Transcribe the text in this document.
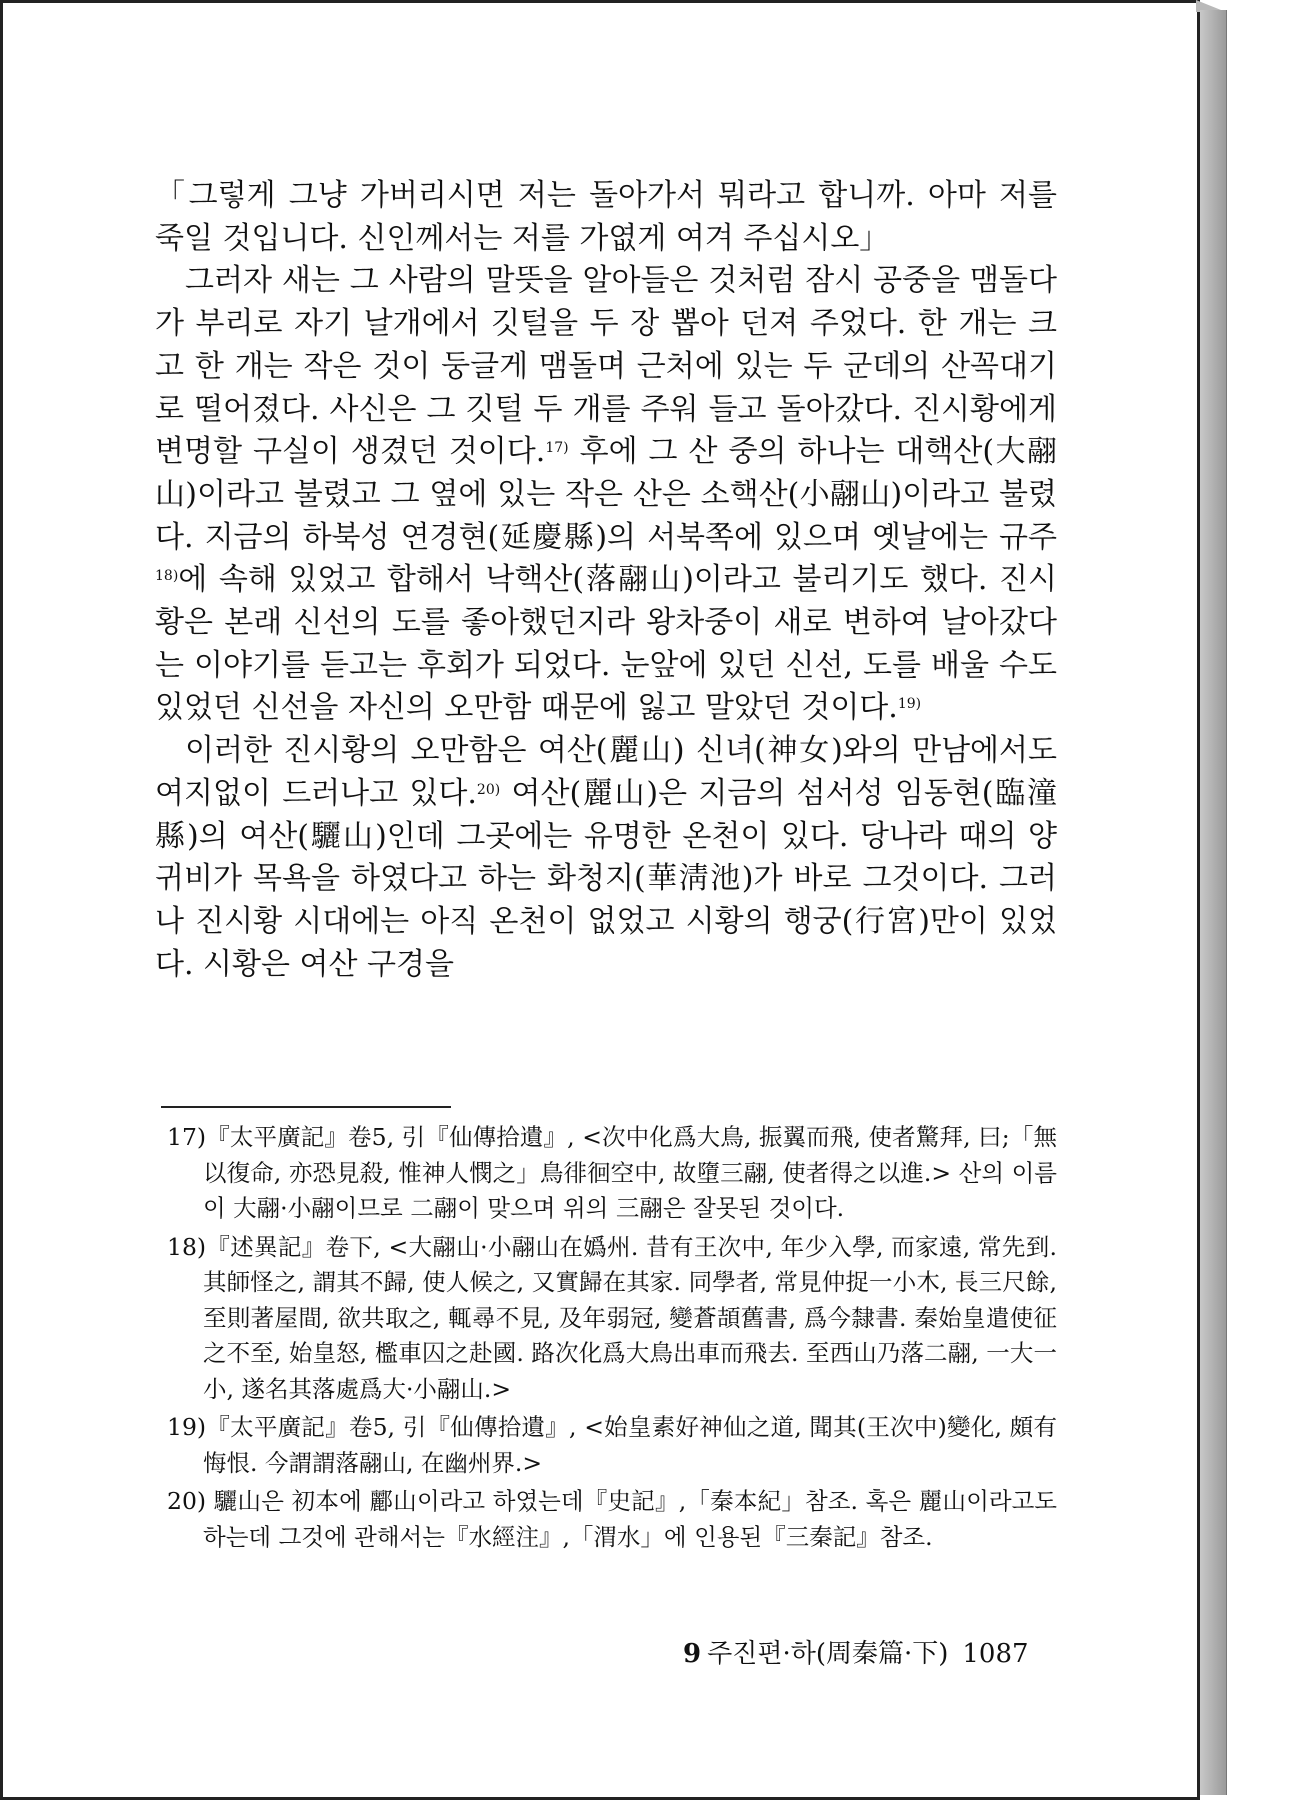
「그렇게 그냥 가버리시면 저는 돌아가서 뭐라고 합니까. 아마 저를 죽일 것입니다. 신인께서는 저를 가엾게 여겨 주십시오」

그러자 새는 그 사람의 말뜻을 알아들은 것처럼 잠시 공중을 맴돌다가 부리로 자기 날개에서 깃털을 두 장 뽑아 던져 주었다. 한 개는 크고 한 개는 작은 것이 둥글게 맴돌며 근처에 있는 두 군데의 산꼭대기로 떨어졌다. 사신은 그 깃털 두 개를 주워 들고 돌아갔다. 진시황에게 변명할 구실이 생겼던 것이다.$^{17)}$ 후에 그 산 중의 하나는 대핵산(大翮山)이라고 불렸고 그 옆에 있는 작은 산은 소핵산(小翮山)이라고 불렸다. 지금의 하북성 연경현(延慶縣)의 서북쪽에 있으며 옛날에는 규주$^{18)}$에 속해 있었고 합해서 낙핵산(落翮山)이라고 불리기도 했다. 진시황은 본래 신선의 도를 좋아했던지라 왕차중이 새로 변하여 날아갔다는 이야기를 듣고는 후회가 되었다. 눈앞에 있던 신선, 도를 배울 수도 있었던 신선을 자신의 오만함 때문에 잃고 말았던 것이다.$^{19)}$

이러한 진시황의 오만함은 여산(麗山) 신녀(神女)와의 만남에서도 여지없이 드러나고 있다.$^{20)}$ 여산(麗山)은 지금의 섬서성 임동현(臨潼縣)의 여산(驪山)인데 그곳에는 유명한 온천이 있다. 당나라 때의 양귀비가 목욕을 하였다고 하는 화청지(華淸池)가 바로 그것이다. 그러나 진시황 시대에는 아직 온천이 없었고 시황의 행궁(行宮)만이 있었다. 시황은 여산 구경을

17)『太平廣記』卷5, 引『仙傳拾遺』, <次中化爲大鳥, 振翼而飛, 使者驚拜, 曰;「無以復命, 亦恐見殺, 惟神人憫之」鳥徘徊空中, 故墮三翮, 使者得之以進.> 산의 이름이 大翮·小翮이므로 二翮이 맞으며 위의 三翮은 잘못된 것이다.

18)『述異記』卷下, <大翮山·小翮山在嬀州. 昔有王次中, 年少入學, 而家遠, 常先到. 其師怪之, 謂其不歸, 使人候之, 又實歸在其家. 同學者, 常見仲捉一小木, 長三尺餘, 至則著屋間, 欲共取之, 輒尋不見, 及年弱冠, 變蒼頡舊書, 爲今隸書. 秦始皇遣使征之不至, 始皇怒, 檻車囚之赴國. 路次化爲大鳥出車而飛去. 至西山乃落二翮, 一大一小, 遂名其落處爲大·小翮山.>

19)『太平廣記』卷5, 引『仙傳拾遺』, <始皇素好神仙之道, 聞其(王次中)變化, 頗有悔恨. 今謂謂落翮山, 在幽州界.>

20) 驪山은 初本에 酈山이라고 하였는데『史記』,「秦本紀」참조. 혹은 麗山이라고도 하는데 그것에 관해서는『水經注』,「渭水」에 인용된『三秦記』참조.

9 주진편·하(周秦篇·下) 1087
